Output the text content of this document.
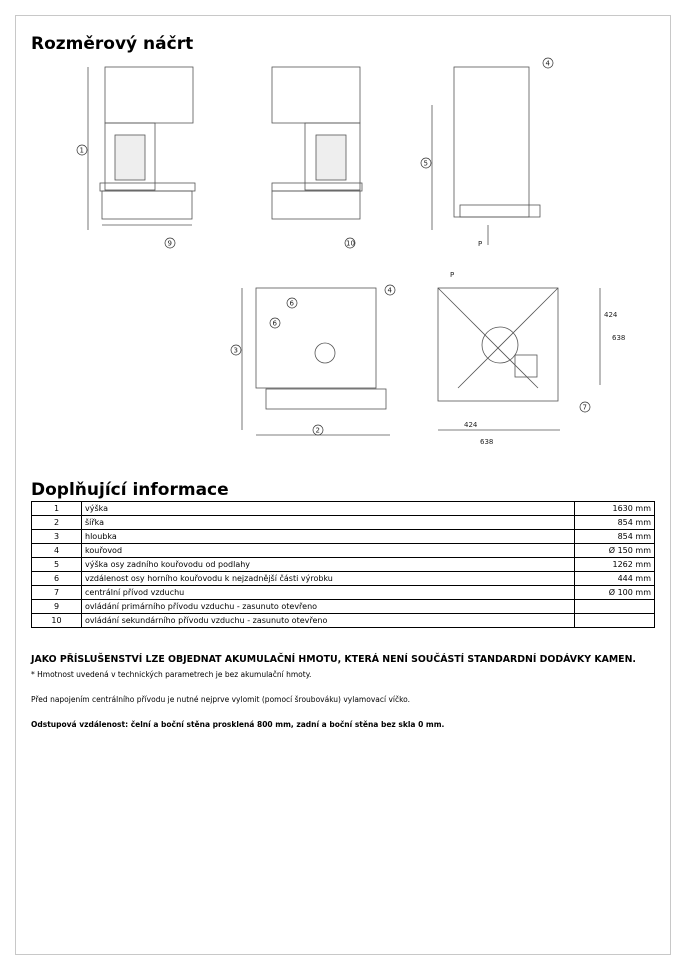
Rozměrový náčrt
1
9	10
4
5
6
6
4
3
2
7
P
P
424
638
424
638
Doplňující informace
1	výška	1630 mm
2	šířka	854 mm
3	hloubka	854 mm
4	kouřovod	Ø 150 mm
5	výška osy zadního kouřovodu od podlahy	1262 mm
6	vzdálenost osy horního kouřovodu k nejzadnější části výrobku	444 mm
7	centrální přívod vzduchu	Ø 100 mm
9	ovládání primárního přívodu vzduchu - zasunuto otevřeno	
10	ovládání sekundárního přívodu vzduchu - zasunuto otevřeno	

JAKO PŘÍSLUŠENSTVÍ LZE OBJEDNAT AKUMULAČNÍ HMOTU, KTERÁ NENÍ SOUČÁSTÍ STANDARDNÍ DODÁVKY KAMEN.

* Hmotnost uvedená v technických parametrech je bez akumulační hmoty.

Před napojením centrálního přívodu je nutné nejprve vylomit (pomocí šroubováku) vylamovací víčko.

Odstupová vzdálenost: čelní a boční stěna prosklená 800 mm, zadní a boční stěna bez skla 0 mm.
